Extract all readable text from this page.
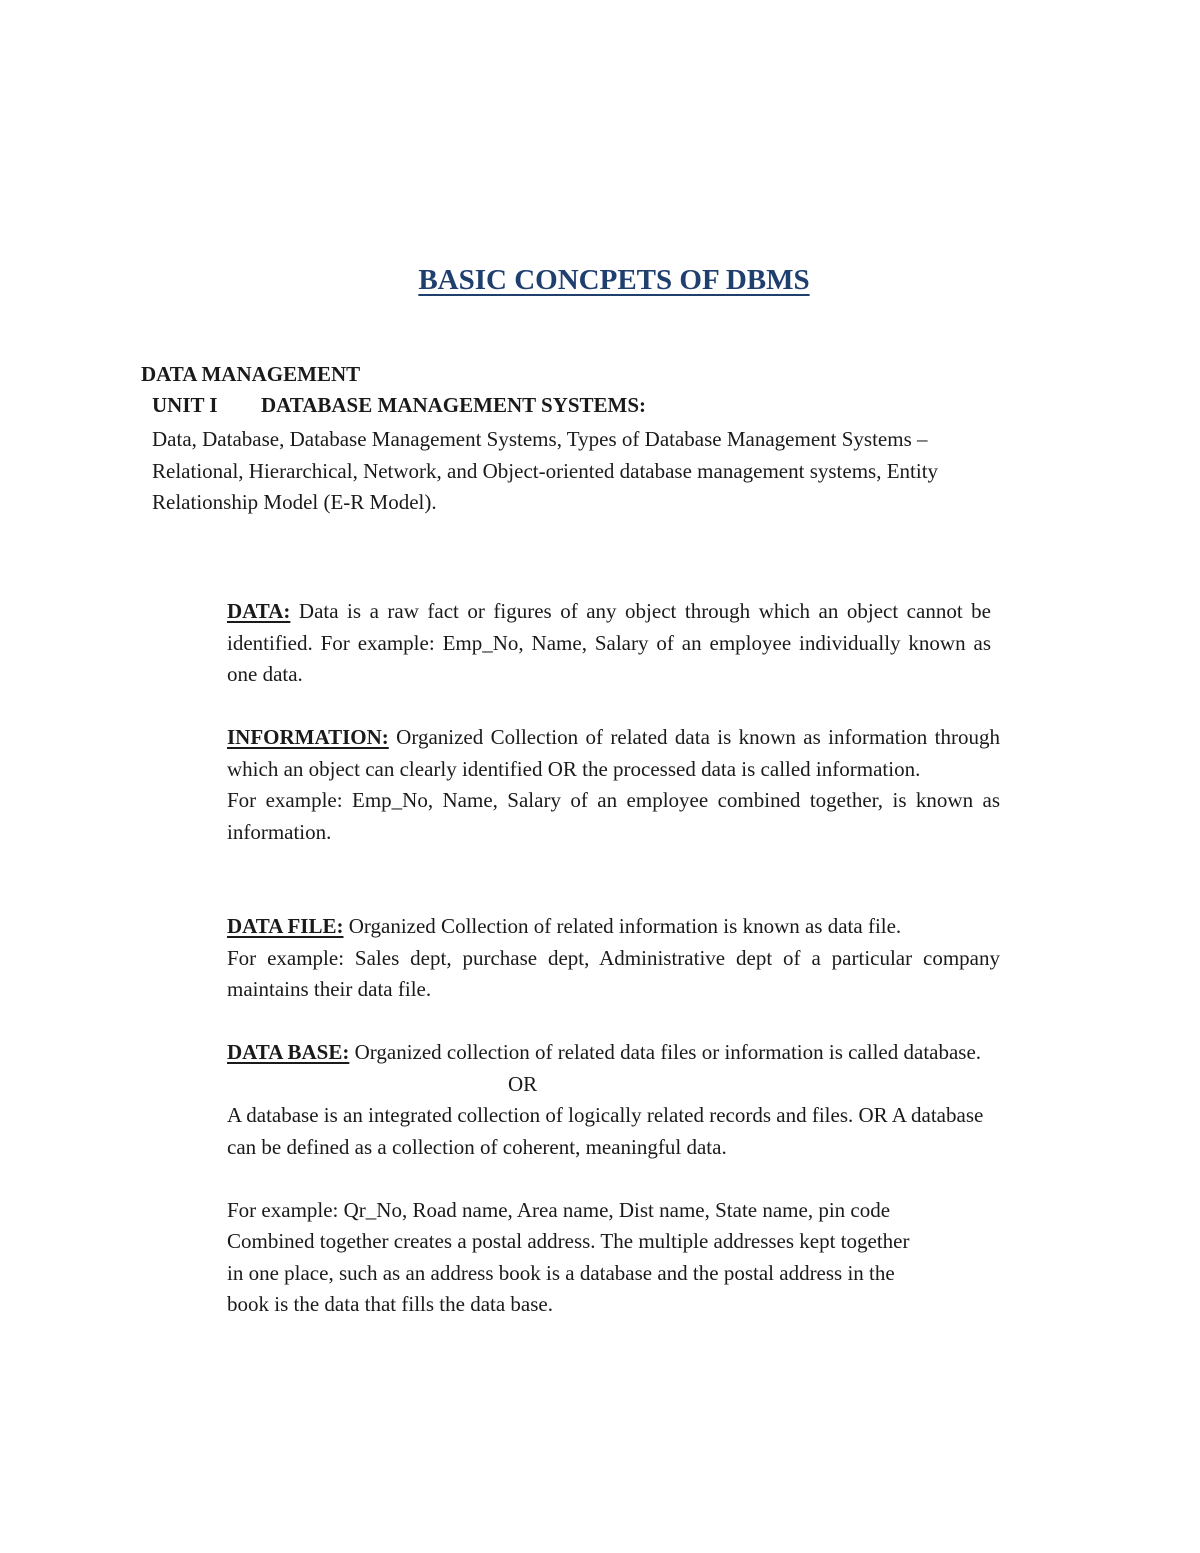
BASIC CONCPETS OF DBMS
DATA MANAGEMENT
UNIT I DATABASE MANAGEMENT SYSTEMS:
Data, Database, Database Management Systems, Types of Database Management Systems –
Relational, Hierarchical, Network, and Object-oriented database management systems, Entity
Relationship Model (E-R Model).

DATA: Data is a raw fact or figures of any object through which an object cannot be identified. For example: Emp_No, Name, Salary of an employee individually known as one data.

INFORMATION: Organized Collection of related data is known as information through which an object can clearly identified OR the processed data is called information.

For example: Emp_No, Name, Salary of an employee combined together, is known as information.

DATA FILE: Organized Collection of related information is known as data file.

For example: Sales dept, purchase dept, Administrative dept of a particular company maintains their data file.

DATA BASE: Organized collection of related data files or information is called database.

OR

A database is an integrated collection of logically related records and files. OR A database can be defined as a collection of coherent, meaningful data.

For example: Qr_No, Road name, Area name, Dist name, State name, pin code
Combined together creates a postal address. The multiple addresses kept together
in one place, such as an address book is a database and the postal address in the
book is the data that fills the data base.
